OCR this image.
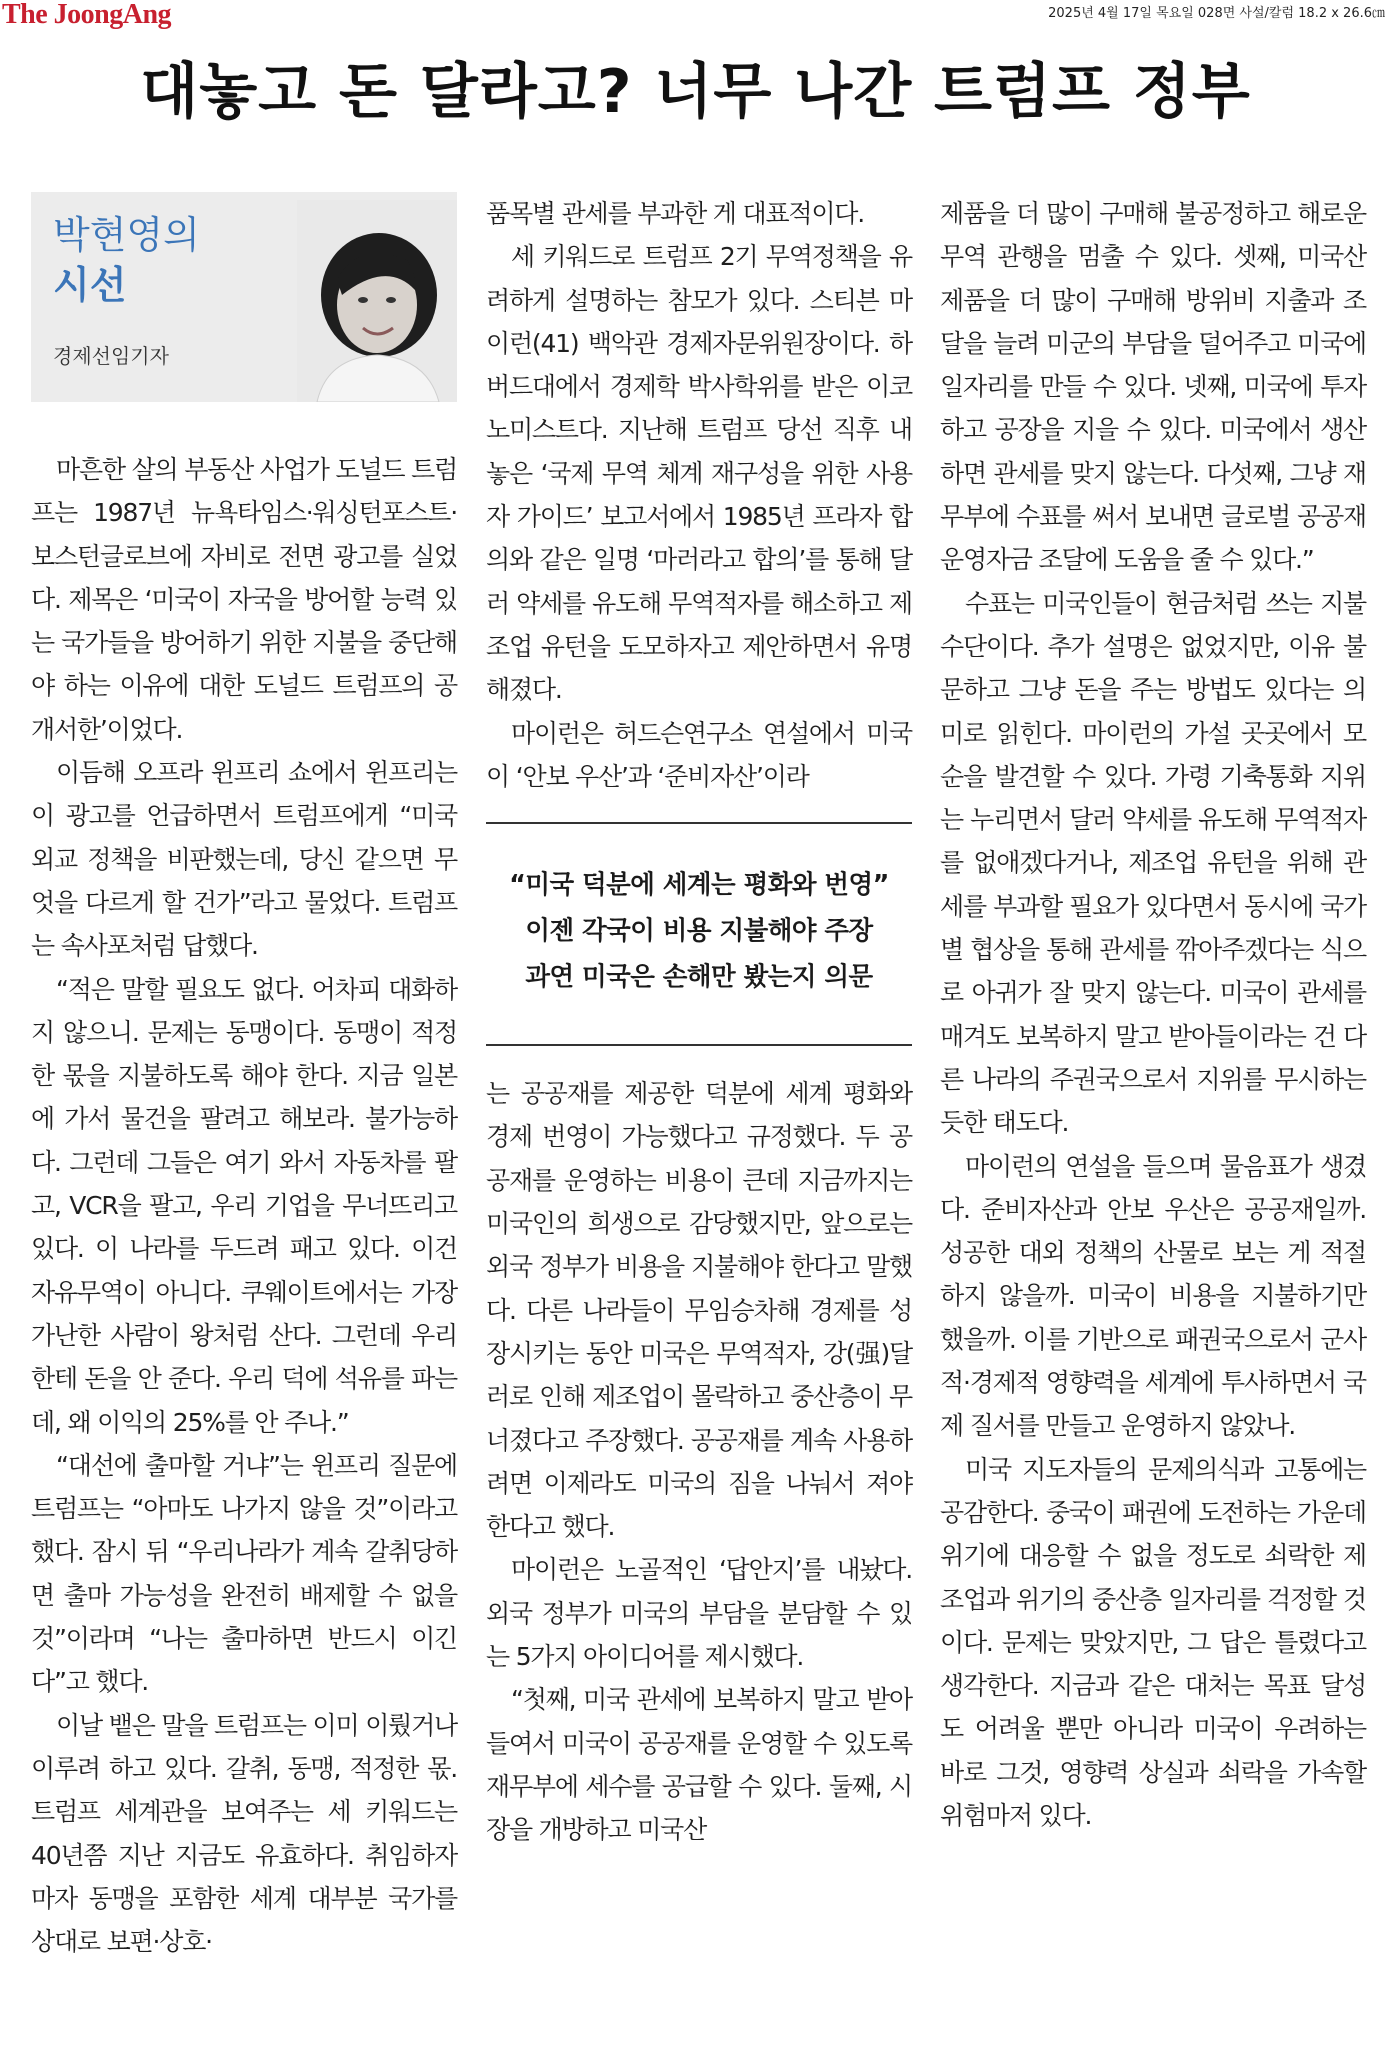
The JoongAng	2025년 4월 17일 목요일 028면 사설/칼럼 18.2 x 26.6㎝
대놓고 돈 달라고? 너무 나간 트럼프 정부
박현영의
시선
경제선임기자

마흔한 살의 부동산 사업가 도널드 트럼프는 1987년 뉴욕타임스·워싱턴포스트·보스턴글로브에 자비로 전면 광고를 실었다. 제목은 ‘미국이 자국을 방어할 능력 있는 국가들을 방어하기 위한 지불을 중단해야 하는 이유에 대한 도널드 트럼프의 공개서한’이었다.

이듬해 오프라 윈프리 쇼에서 윈프리는 이 광고를 언급하면서 트럼프에게 “미국 외교 정책을 비판했는데, 당신 같으면 무엇을 다르게 할 건가”라고 물었다. 트럼프는 속사포처럼 답했다.

“적은 말할 필요도 없다. 어차피 대화하지 않으니. 문제는 동맹이다. 동맹이 적정한 몫을 지불하도록 해야 한다. 지금 일본에 가서 물건을 팔려고 해보라. 불가능하다. 그런데 그들은 여기 와서 자동차를 팔고, VCR을 팔고, 우리 기업을 무너뜨리고 있다. 이 나라를 두드려 패고 있다. 이건 자유무역이 아니다. 쿠웨이트에서는 가장 가난한 사람이 왕처럼 산다. 그런데 우리한테 돈을 안 준다. 우리 덕에 석유를 파는데, 왜 이익의 25%를 안 주나.”

“대선에 출마할 거냐”는 윈프리 질문에 트럼프는 “아마도 나가지 않을 것”이라고 했다. 잠시 뒤 “우리나라가 계속 갈취당하면 출마 가능성을 완전히 배제할 수 없을 것”이라며 “나는 출마하면 반드시 이긴다”고 했다.

이날 뱉은 말을 트럼프는 이미 이뤘거나 이루려 하고 있다. 갈취, 동맹, 적정한 몫. 트럼프 세계관을 보여주는 세 키워드는 40년쯤 지난 지금도 유효하다. 취임하자마자 동맹을 포함한 세계 대부분 국가를 상대로 보편·상호·

품목별 관세를 부과한 게 대표적이다.

세 키워드로 트럼프 2기 무역정책을 유려하게 설명하는 참모가 있다. 스티븐 마이런(41) 백악관 경제자문위원장이다. 하버드대에서 경제학 박사학위를 받은 이코노미스트다. 지난해 트럼프 당선 직후 내놓은 ‘국제 무역 체계 재구성을 위한 사용자 가이드’ 보고서에서 1985년 프라자 합의와 같은 일명 ‘마러라고 합의’를 통해 달러 약세를 유도해 무역적자를 해소하고 제조업 유턴을 도모하자고 제안하면서 유명해졌다.

마이런은 허드슨연구소 연설에서 미국이 ‘안보 우산’과 ‘준비자산’이라

“미국 덕분에 세계는 평화와 번영”
이젠 각국이 비용 지불해야 주장
과연 미국은 손해만 봤는지 의문

는 공공재를 제공한 덕분에 세계 평화와 경제 번영이 가능했다고 규정했다. 두 공공재를 운영하는 비용이 큰데 지금까지는 미국인의 희생으로 감당했지만, 앞으로는 외국 정부가 비용을 지불해야 한다고 말했다. 다른 나라들이 무임승차해 경제를 성장시키는 동안 미국은 무역적자, 강(强)달러로 인해 제조업이 몰락하고 중산층이 무너졌다고 주장했다. 공공재를 계속 사용하려면 이제라도 미국의 짐을 나눠서 져야 한다고 했다.

마이런은 노골적인 ‘답안지’를 내놨다. 외국 정부가 미국의 부담을 분담할 수 있는 5가지 아이디어를 제시했다.

“첫째, 미국 관세에 보복하지 말고 받아들여서 미국이 공공재를 운영할 수 있도록 재무부에 세수를 공급할 수 있다. 둘째, 시장을 개방하고 미국산

제품을 더 많이 구매해 불공정하고 해로운 무역 관행을 멈출 수 있다. 셋째, 미국산 제품을 더 많이 구매해 방위비 지출과 조달을 늘려 미군의 부담을 덜어주고 미국에 일자리를 만들 수 있다. 넷째, 미국에 투자하고 공장을 지을 수 있다. 미국에서 생산하면 관세를 맞지 않는다. 다섯째, 그냥 재무부에 수표를 써서 보내면 글로벌 공공재 운영자금 조달에 도움을 줄 수 있다.”

수표는 미국인들이 현금처럼 쓰는 지불 수단이다. 추가 설명은 없었지만, 이유 불문하고 그냥 돈을 주는 방법도 있다는 의미로 읽힌다. 마이런의 가설 곳곳에서 모순을 발견할 수 있다. 가령 기축통화 지위는 누리면서 달러 약세를 유도해 무역적자를 없애겠다거나, 제조업 유턴을 위해 관세를 부과할 필요가 있다면서 동시에 국가별 협상을 통해 관세를 깎아주겠다는 식으로 아귀가 잘 맞지 않는다. 미국이 관세를 매겨도 보복하지 말고 받아들이라는 건 다른 나라의 주권국으로서 지위를 무시하는 듯한 태도다.

마이런의 연설을 들으며 물음표가 생겼다. 준비자산과 안보 우산은 공공재일까. 성공한 대외 정책의 산물로 보는 게 적절하지 않을까. 미국이 비용을 지불하기만 했을까. 이를 기반으로 패권국으로서 군사적·경제적 영향력을 세계에 투사하면서 국제 질서를 만들고 운영하지 않았나.

미국 지도자들의 문제의식과 고통에는 공감한다. 중국이 패권에 도전하는 가운데 위기에 대응할 수 없을 정도로 쇠락한 제조업과 위기의 중산층 일자리를 걱정할 것이다. 문제는 맞았지만, 그 답은 틀렸다고 생각한다. 지금과 같은 대처는 목표 달성도 어려울 뿐만 아니라 미국이 우려하는 바로 그것, 영향력 상실과 쇠락을 가속할 위험마저 있다.
